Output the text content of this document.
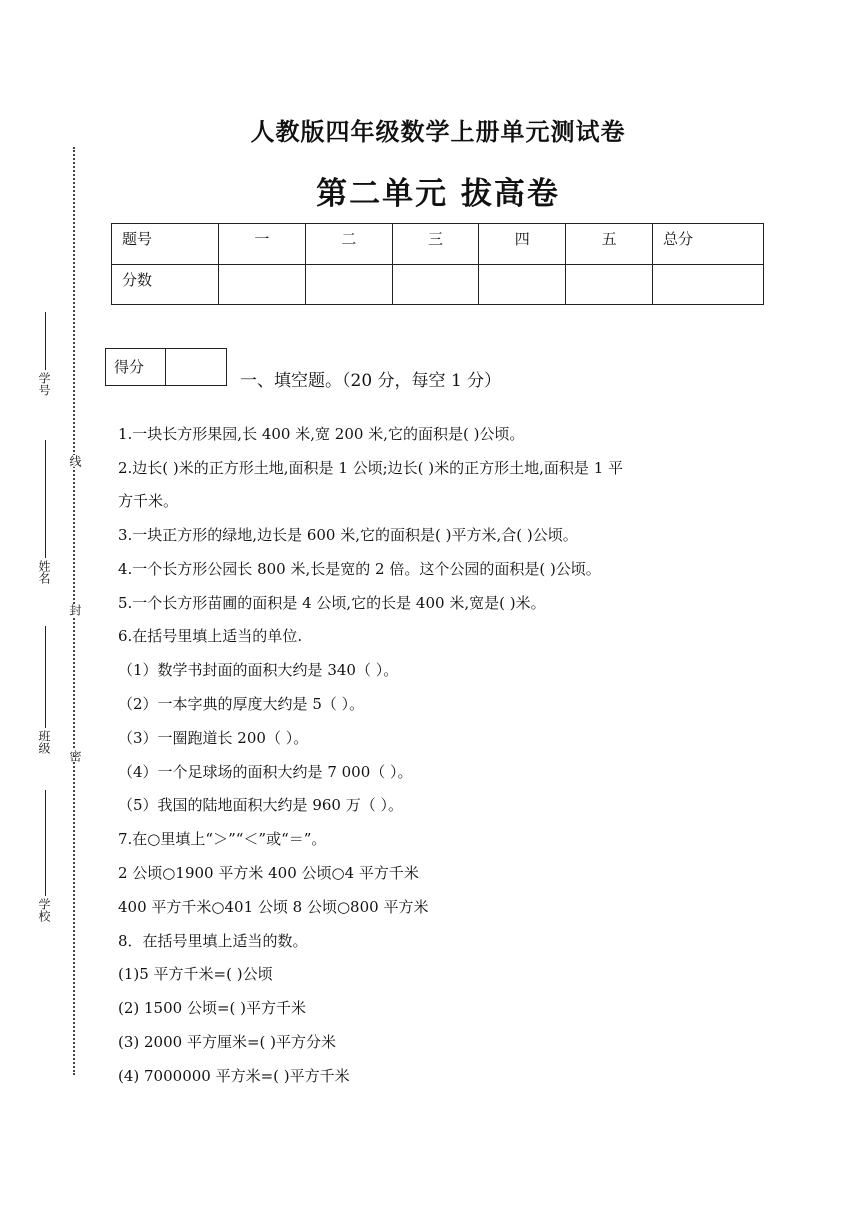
人教版四年级数学上册单元测试卷
第二单元 拔高卷
题号	一	二	三	四	五	总分
分数						
得分
一、填空题。（20 分，每空 1 分）
1.一块长方形果园,长 400 米,宽 200 米,它的面积是( )公顷。
2.边长( )米的正方形土地,面积是 1 公顷;边长( )米的正方形土地,面积是 1 平
方千米。
3.一块正方形的绿地,边长是 600 米,它的面积是( )平方米,合( )公顷。
4.一个长方形公园长 800 米,长是宽的 2 倍。这个公园的面积是( )公顷。
5.一个长方形苗圃的面积是 4 公顷,它的长是 400 米,宽是( )米。
6.在括号里填上适当的单位.
（1）数学书封面的面积大约是 340（ ）。
（2）一本字典的厚度大约是 5（ ）。
（3）一圈跑道长 200（ ）。
（4）一个足球场的面积大约是 7 000（ ）。
（5）我国的陆地面积大约是 960 万（ ）。
7.在○里填上“＞”“＜”或“＝”。
2 公顷○1900 平方米 400 公顷○4 平方千米
400 平方千米○401 公顷 8 公顷○800 平方米
8．在括号里填上适当的数。
(1)5 平方千米=( )公顷
(2) 1500 公顷=( )平方千米
(3) 2000 平方厘米=( )平方分米
(4) 7000000 平方米=( )平方千米
学号
姓名
班级
学校
线
封
密
